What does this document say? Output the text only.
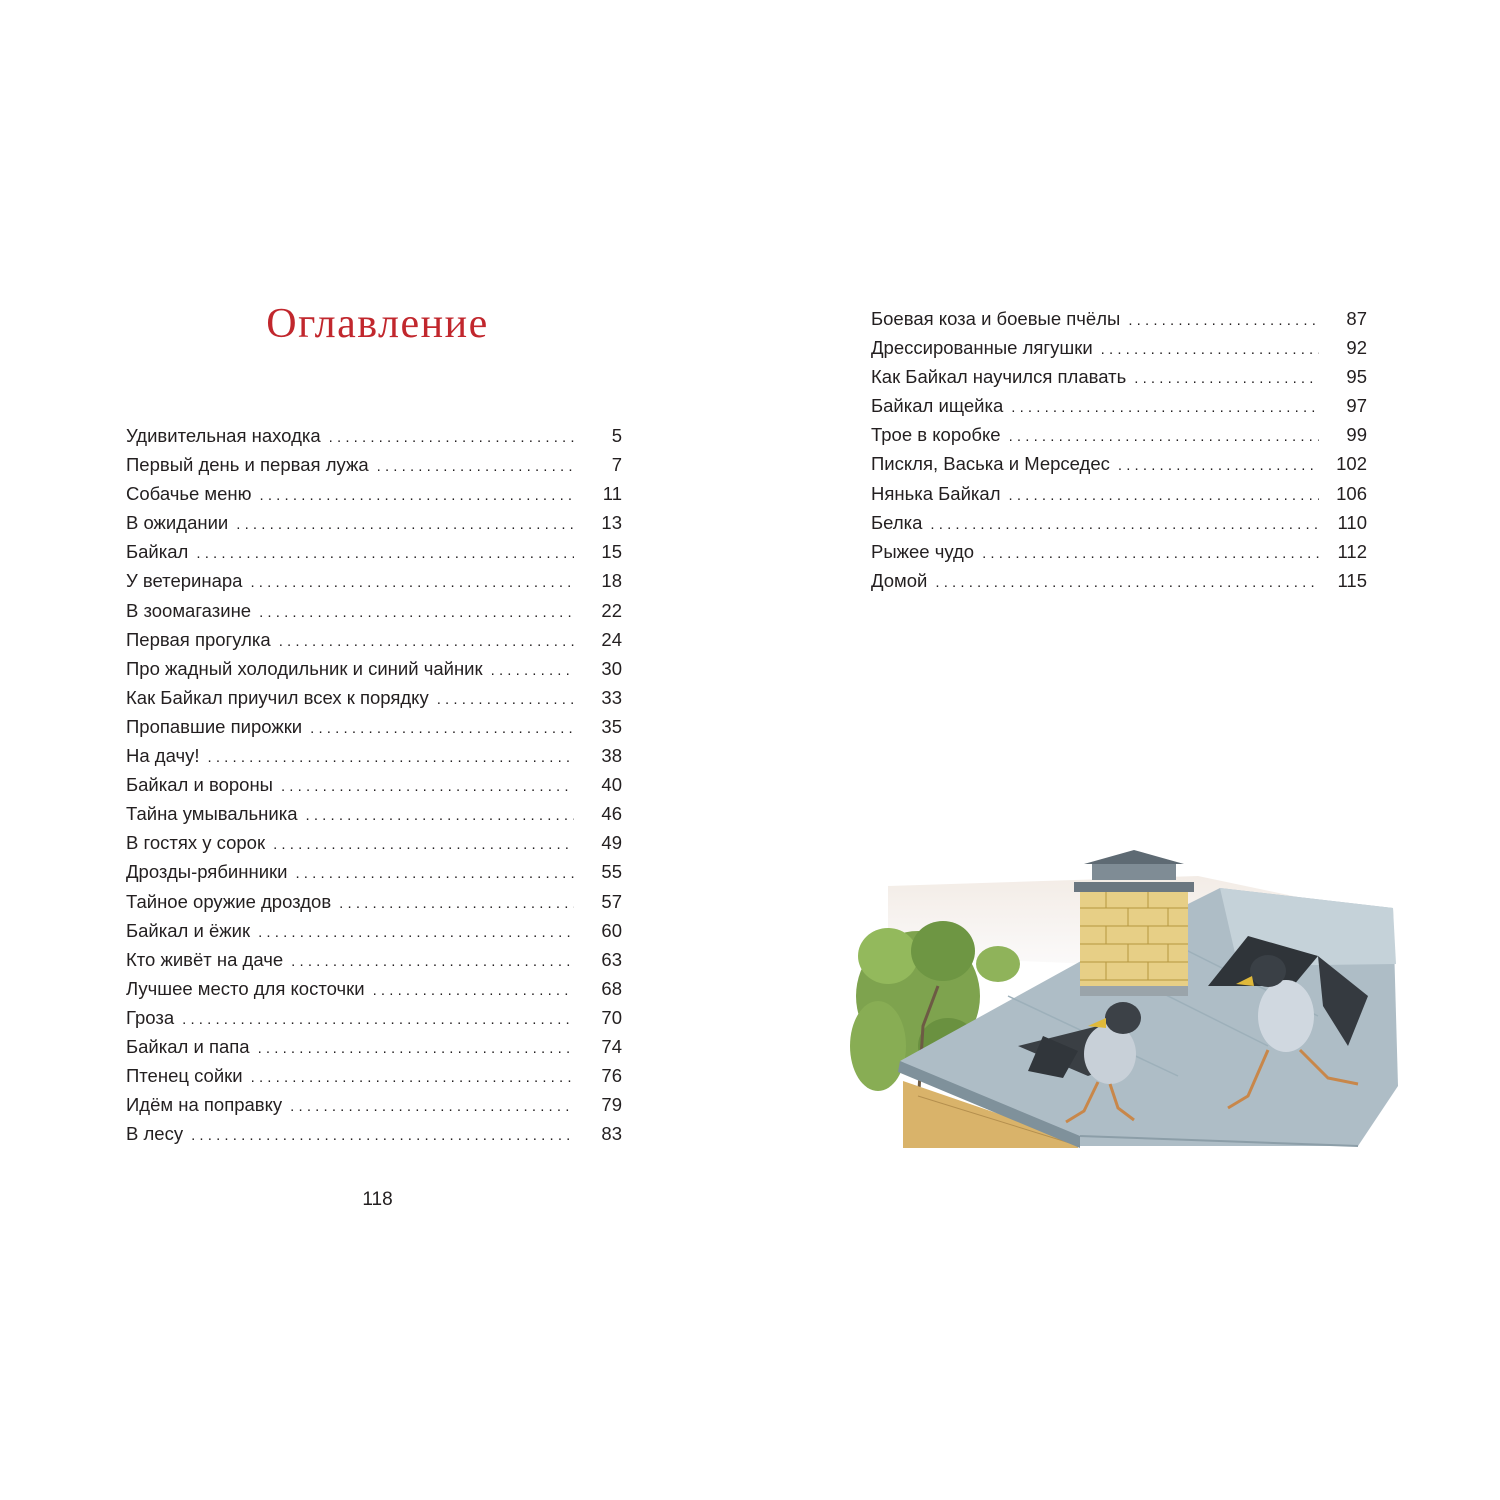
Оглавление
Удивительная находка . . .	5
Первый день и первая лужа . . .	7
Собачье меню . . .	11
В ожидании . . .	13
Байкал . . .	15
У ветеринара . . .	18
В зоомагазине . . .	22
Первая прогулка . . .	24
Про жадный холодильник и синий чайник . . .	30
Как Байкал приучил всех к порядку . . .	33
Пропавшие пирожки . . .	35
На дачу! . . .	38
Байкал и вороны . . .	40
Тайна умывальника . . .	46
В гостях у сорок . . .	49
Дрозды-рябинники . . .	55
Тайное оружие дроздов . . .	57
Байкал и ёжик . . .	60
Кто живёт на даче . . .	63
Лучшее место для косточки . . .	68
Гроза . . .	70
Байкал и папа . . .	74
Птенец сойки . . .	76
Идём на поправку . . .	79
В лесу . . .	83
Боевая коза и боевые пчёлы . . .	87
Дрессированные лягушки . . .	92
Как Байкал научился плавать . . .	95
Байкал ищейка . . .	97
Трое в коробке . . .	99
Пискля, Васька и Мерседес . . .	102
Нянька Байкал . . .	106
Белка . . .	110
Рыжее чудо . . .	112
Домой . . .	115
118
